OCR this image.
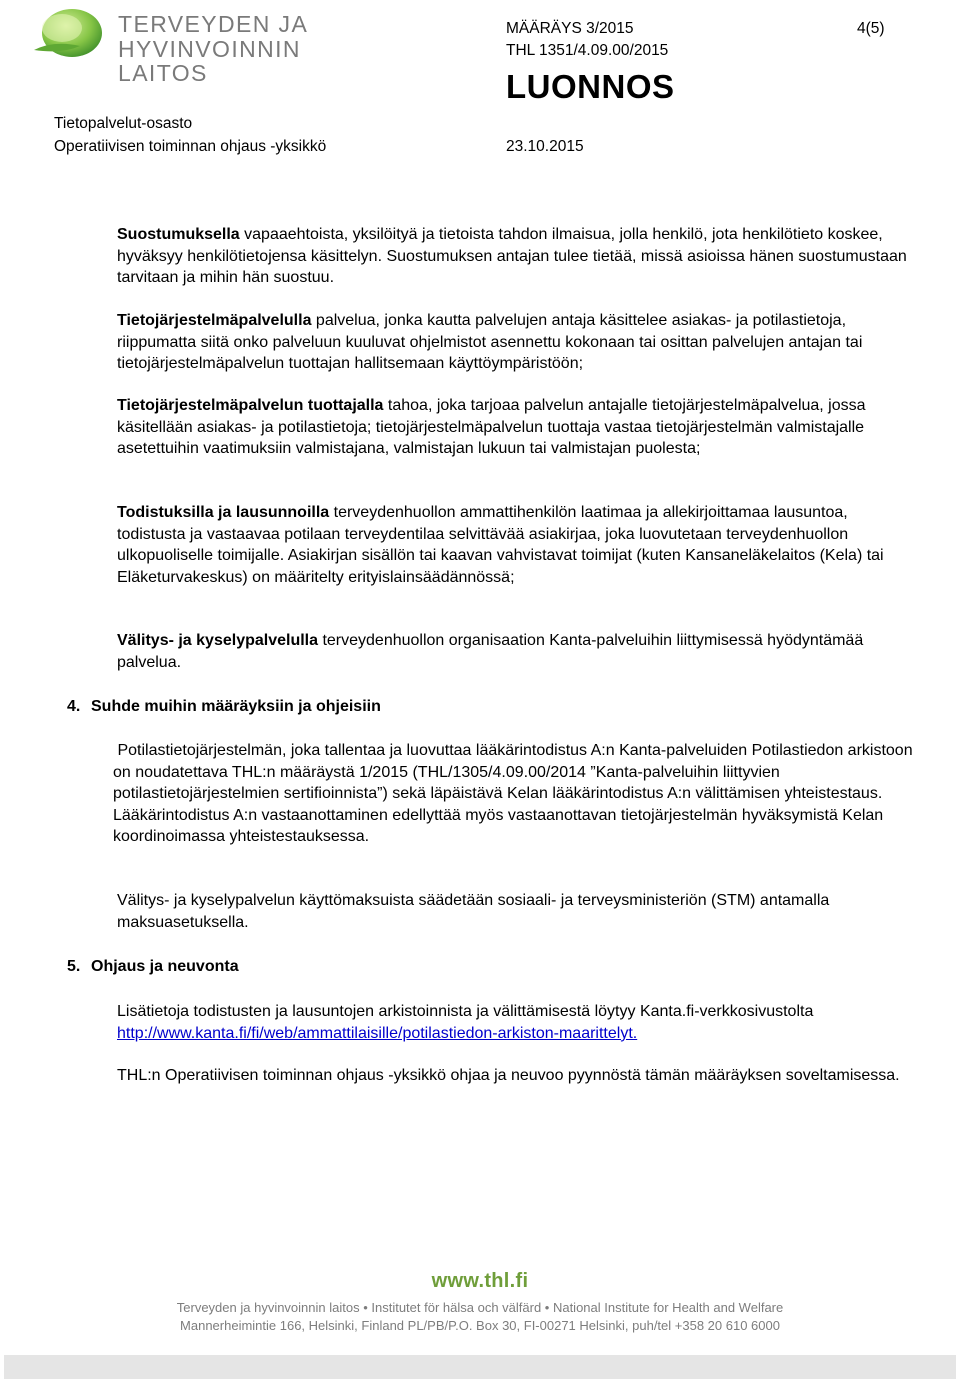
TERVEYDEN JA
HYVINVOINNIN LAITOS
MÄÄRÄYS 3/2015	4(5)
THL 1351/4.09.00/2015
LUONNOS
Tietopalvelut-osasto
Operatiivisen toiminnan ohjaus -yksikkö	23.10.2015

Suostumuksella vapaaehtoista, yksilöityä ja tietoista tahdon ilmaisua, jolla henkilö, jota henkilötieto koskee, hyväksyy henkilötietojensa käsittelyn. Suostumuksen antajan tulee tietää, missä asioissa hänen suostumustaan tarvitaan ja mihin hän suostuu.

Tietojärjestelmäpalvelulla palvelua, jonka kautta palvelujen antaja käsittelee asiakas- ja potilastietoja, riippumatta siitä onko palveluun kuuluvat ohjelmistot asennettu kokonaan tai osittan palvelujen antajan tai tietojärjestelmäpalvelun tuottajan hallitsemaan käyttöympäristöön;

Tietojärjestelmäpalvelun tuottajalla tahoa, joka tarjoaa palvelun antajalle tietojärjestelmäpalvelua, jossa käsitellään asiakas- ja potilastietoja; tietojärjestelmäpalvelun tuottaja vastaa tietojärjestelmän valmistajalle asetettuihin vaatimuksiin valmistajana, valmistajan lukuun tai valmistajan puolesta;

Todistuksilla ja lausunnoilla terveydenhuollon ammattihenkilön laatimaa ja allekirjoittamaa lausuntoa, todistusta ja vastaavaa potilaan terveydentilaa selvittävää asiakirjaa, joka luovutetaan terveydenhuollon ulkopuoliselle toimijalle. Asiakirjan sisällön tai kaavan vahvistavat toimijat (kuten Kansaneläkelaitos (Kela) tai Eläketurvakeskus) on määritelty erityislainsäädännössä;

Välitys- ja kyselypalvelulla terveydenhuollon organisaation Kanta-palveluihin liittymisessä hyödyntämää palvelua.

4. Suhde muihin määräyksiin ja ohjeisiin

Potilastietojärjestelmän, joka tallentaa ja luovuttaa lääkärintodistus A:n Kanta-palveluiden Potilastiedon arkistoon on noudatettava THL:n määräystä 1/2015 (THL/1305/4.09.00/2014 ”Kanta-palveluihin liittyvien potilastietojärjestelmien sertifioinnista”) sekä läpäistävä Kelan lääkärintodistus A:n välittämisen yhteistestaus. Lääkärintodistus A:n vastaanottaminen edellyttää myös vastaanottavan tietojärjestelmän hyväksymistä Kelan koordinoimassa yhteistestauksessa.

Välitys- ja kyselypalvelun käyttömaksuista säädetään sosiaali- ja terveysministeriön (STM) antamalla maksuasetuksella.

5. Ohjaus ja neuvonta

Lisätietoja todistusten ja lausuntojen arkistoinnista ja välittämisestä löytyy Kanta.fi-verkkosivustolta http://www.kanta.fi/fi/web/ammattilaisille/potilastiedon-arkiston-maarittelyt.

THL:n Operatiivisen toiminnan ohjaus -yksikkö ohjaa ja neuvoo pyynnöstä tämän määräyksen soveltamisessa.

www.thl.fi
Terveyden ja hyvinvoinnin laitos • Institutet för hälsa och välfärd • National Institute for Health and Welfare
Mannerheimintie 166, Helsinki, Finland PL/PB/P.O. Box 30, FI-00271 Helsinki, puh/tel +358 20 610 6000
